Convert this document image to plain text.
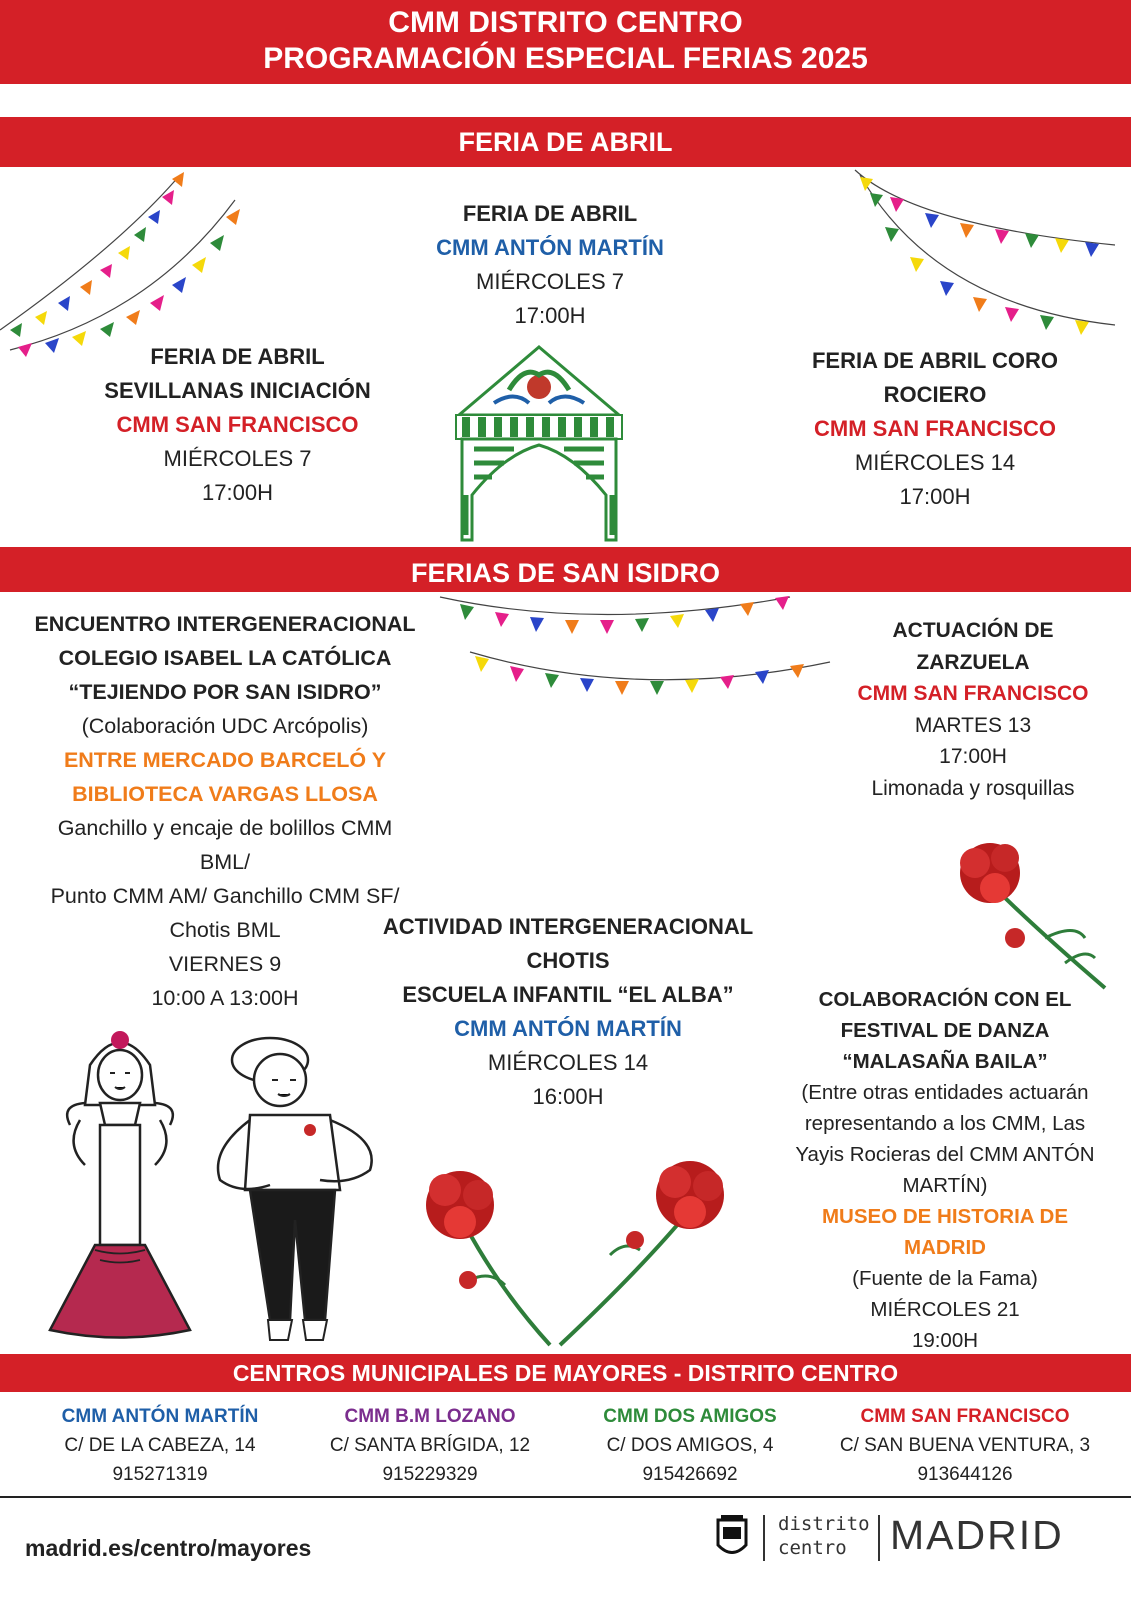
CMM DISTRITO CENTRO
PROGRAMACIÓN ESPECIAL FERIAS 2025
FERIA DE ABRIL
FERIA DE ABRIL
CMM ANTÓN MARTÍN
MIÉRCOLES 7
17:00H
FERIA DE ABRIL
SEVILLANAS INICIACIÓN
CMM SAN FRANCISCO
MIÉRCOLES 7
17:00H
FERIA DE ABRIL CORO
ROCIERO
CMM SAN FRANCISCO
MIÉRCOLES 14
17:00H
FERIAS DE SAN ISIDRO
ENCUENTRO INTERGENERACIONAL
COLEGIO ISABEL LA CATÓLICA
“TEJIENDO POR SAN ISIDRO”
(Colaboración UDC Arcópolis)
ENTRE MERCADO BARCELÓ Y
BIBLIOTECA VARGAS LLOSA
Ganchillo y encaje de bolillos CMM
BML/
Punto CMM AM/ Ganchillo CMM SF/
Chotis BML
VIERNES 9
10:00 A 13:00H
ACTUACIÓN DE
ZARZUELA
CMM SAN FRANCISCO
MARTES 13
17:00H
Limonada y rosquillas
ACTIVIDAD INTERGENERACIONAL
CHOTIS
ESCUELA INFANTIL “EL ALBA”
CMM ANTÓN MARTÍN
MIÉRCOLES 14
16:00H
COLABORACIÓN CON EL
FESTIVAL DE DANZA
“MALASAÑA BAILA”
(Entre otras entidades actuarán
representando a los CMM, Las
Yayis Rocieras del CMM ANTÓN
MARTÍN)
MUSEO DE HISTORIA DE
MADRID
(Fuente de la Fama)
MIÉRCOLES 21
19:00H
CENTROS MUNICIPALES DE MAYORES - DISTRITO CENTRO
CMM ANTÓN MARTÍN
C/ DE LA CABEZA, 14
915271319
CMM B.M LOZANO
C/ SANTA BRÍGIDA, 12
915229329
CMM DOS AMIGOS
C/ DOS AMIGOS, 4
915426692
CMM SAN FRANCISCO
C/ SAN BUENA VENTURA, 3
913644126
madrid.es/centro/mayores
distrito
centro	MADRID
